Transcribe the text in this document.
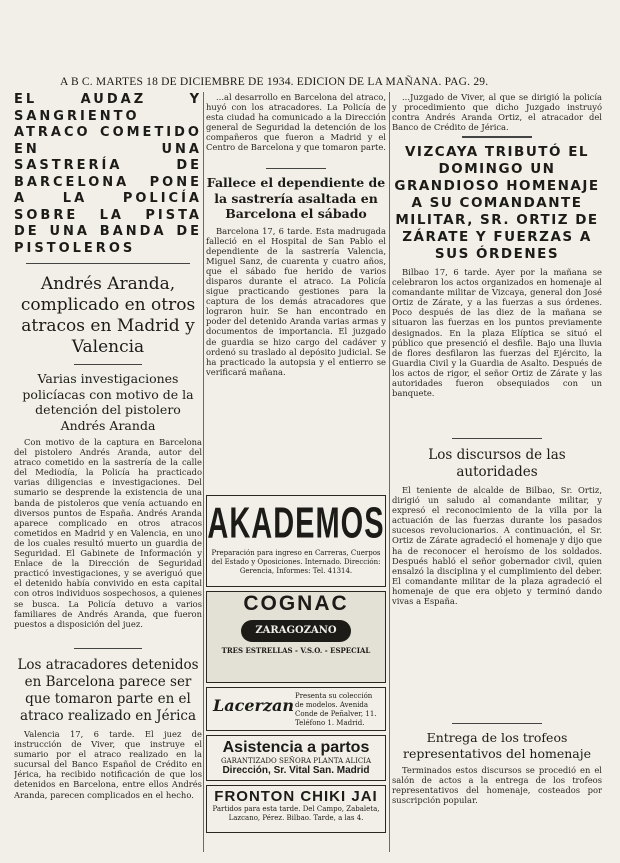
A B C. MARTES 18 DE DICIEMBRE DE 1934. EDICION DE LA MAÑANA. PAG. 29.

EL AUDAZ Y SANGRIENTO ATRACO COMETIDO EN UNA SASTRERÍA DE BARCELONA PONE A LA POLICÍA SOBRE LA PISTA DE UNA BANDA DE PISTOLEROS

Andrés Aranda, complicado en otros atracos en Madrid y Valencia
Varias investigaciones policíacas con motivo de la detención del pistolero Andrés Aranda

Con motivo de la captura en Barcelona del pistolero Andrés Aranda, autor del atraco cometido en la sastrería de la calle del Mediodía, la Policía ha practicado varias diligencias e investigaciones. Del sumario se desprende la existencia de una banda de pistoleros que venía actuando en diversos puntos de España. Andrés Aranda aparece complicado en otros atracos cometidos en Madrid y en Valencia, en uno de los cuales resultó muerto un guardia de Seguridad. El Gabinete de Información y Enlace de la Dirección de Seguridad practicó investigaciones, y se averiguó que el detenido había convivido en esta capital con otros individuos sospechosos, a quienes se busca. La Policía detuvo a varios familiares de Andrés Aranda, que fueron puestos a disposición del juez.

Los atracadores detenidos en Barcelona parece ser que tomaron parte en el atraco realizado en Jérica

Valencia 17, 6 tarde. El juez de instrucción de Viver, que instruye el sumario por el atraco realizado en la sucursal del Banco Español de Crédito en Jérica, ha recibido notificación de que los detenidos en Barcelona, entre ellos Andrés Aranda, parecen complicados en el hecho.

...al desarrollo en Barcelona del atraco, huyó con los atracadores. La Policía de esta ciudad ha comunicado a la Dirección general de Seguridad la detención de los compañeros que fueron a Madrid y el Centro de Barcelona y que tomaron parte.

Fallece el dependiente de la sastrería asaltada en Barcelona el sábado

Barcelona 17, 6 tarde. Esta madrugada falleció en el Hospital de San Pablo el dependiente de la sastrería Valencia, Miguel Sanz, de cuarenta y cuatro años, que el sábado fue herido de varios disparos durante el atraco. La Policía sigue practicando gestiones para la captura de los demás atracadores que lograron huir. Se han encontrado en poder del detenido Aranda varias armas y documentos de importancia. El juzgado de guardia se hizo cargo del cadáver y ordenó su traslado al depósito judicial. Se ha practicado la autopsia y el entierro se verificará mañana.

AKADEMOS

Preparación para ingreso en Carreras, Cuerpos del Estado y Oposiciones. Internado. Dirección: Gerencia, Informes: Tel. 41314.

COGNAC
ZARAGOZANO

TRES ESTRELLAS - V.S.O. - ESPECIAL

Lacerzan Presenta su colección de modelos. Avenida Conde de Peñalver, 11. Teléfono 1. Madrid.

Asistencia a partos
GARANTIZADO SEÑORA PLANTA ALICIA
Dirección, Sr. Vital San. Madrid
FRONTON CHIKI JAI

Partidos para esta tarde. Del Campo, Zabaleta, Lazcano, Pérez. Bilbao. Tarde, a las 4.

...Juzgado de Viver, al que se dirigió la policía y procedimiento que dicho Juzgado instruyó contra Andrés Aranda Ortiz, el atracador del Banco de Crédito de Jérica.

VIZCAYA TRIBUTÓ EL DOMINGO UN GRANDIOSO HOMENAJE A SU COMANDANTE MILITAR, SR. ORTIZ DE ZÁRATE Y FUERZAS A SUS ÓRDENES

Bilbao 17, 6 tarde. Ayer por la mañana se celebraron los actos organizados en homenaje al comandante militar de Vizcaya, general don José Ortiz de Zárate, y a las fuerzas a sus órdenes. Poco después de las diez de la mañana se situaron las fuerzas en los puntos previamente designados. En la plaza Elíptica se situó el público que presenció el desfile. Bajo una lluvia de flores desfilaron las fuerzas del Ejército, la Guardia Civil y la Guardia de Asalto. Después de los actos de rigor, el señor Ortiz de Zárate y las autoridades fueron obsequiados con un banquete.

Los discursos de las autoridades

El teniente de alcalde de Bilbao, Sr. Ortiz, dirigió un saludo al comandante militar, y expresó el reconocimiento de la villa por la actuación de las fuerzas durante los pasados sucesos revolucionarios. A continuación, el Sr. Ortiz de Zárate agradeció el homenaje y dijo que ha de reconocer el heroísmo de los soldados. Después habló el señor gobernador civil, quien ensalzó la disciplina y el cumplimiento del deber. El comandante militar de la plaza agradeció el homenaje de que era objeto y terminó dando vivas a España.

Entrega de los trofeos representativos del homenaje

Terminados estos discursos se procedió en el salón de actos a la entrega de los trofeos representativos del homenaje, costeados por suscripción popular.
